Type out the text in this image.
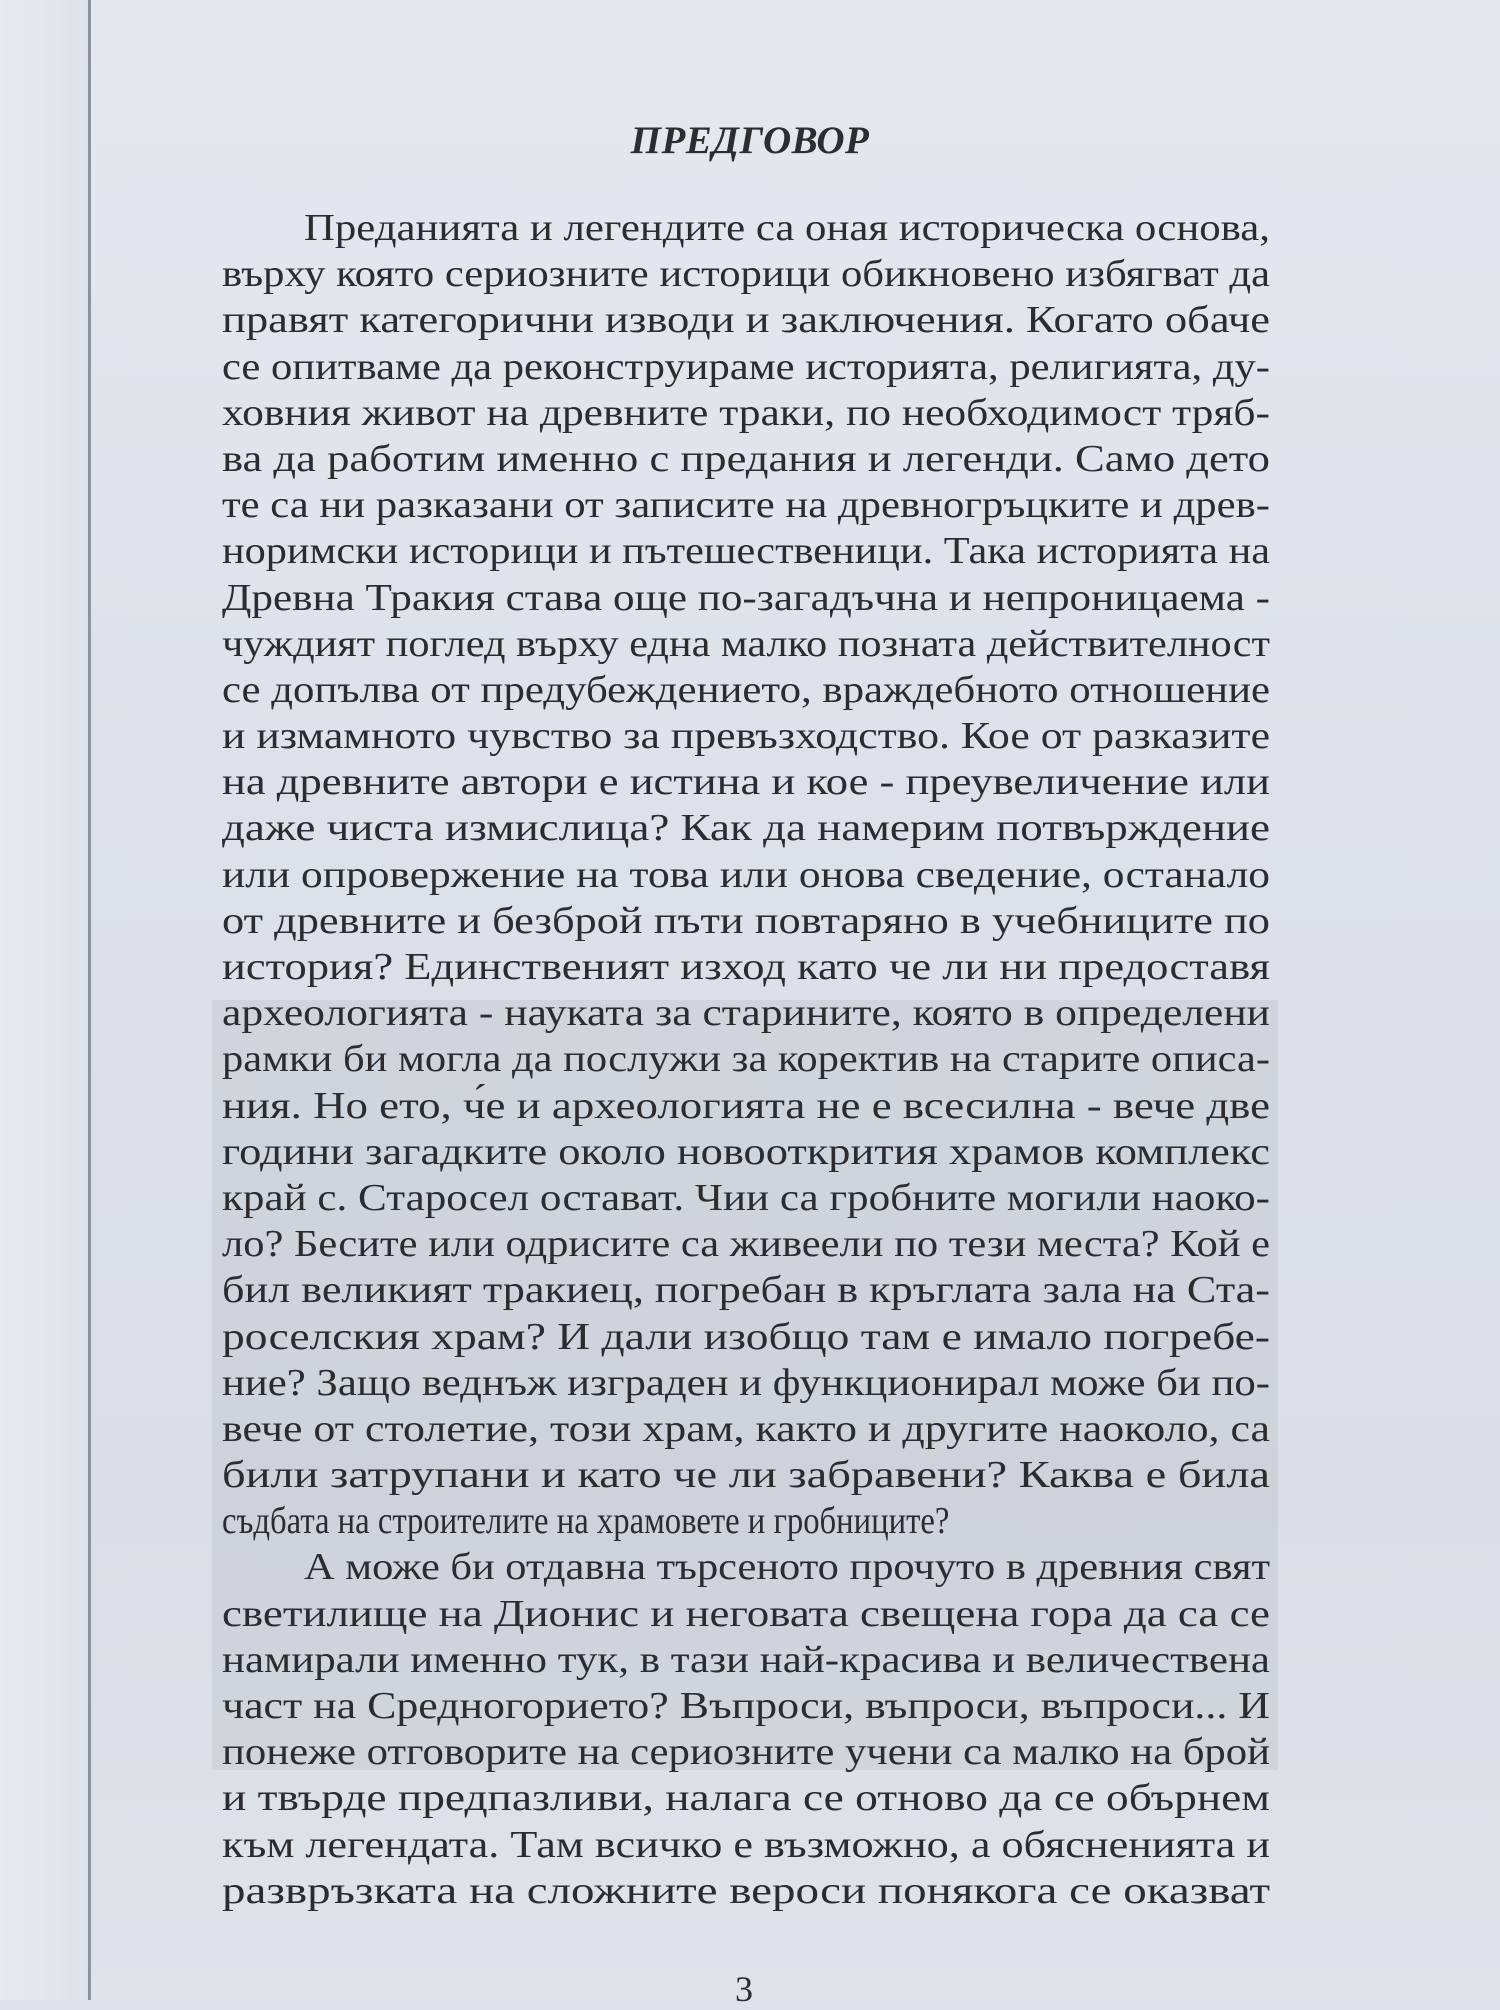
ПРЕДГОВОР
Преданията и легендите са оная историческа основа,
върху която сериозните историци обикновено избягват да
правят категорични изводи и заключения. Когато обаче
се опитваме да реконструираме историята, религията, ду-
ховния живот на древните траки, по необходимост тряб-
ва да работим именно с предания и легенди. Само дето
те са ни разказани от записите на древногръцките и древ-
норимски историци и пътешественици. Така историята на
Древна Тракия става още по-загадъчна и непроницаема -
чуждият поглед върху една малко позната действителност
се допълва от предубеждението, враждебното отношение
и измамното чувство за превъзходство. Кое от разказите
на древните автори е истина и кое - преувеличение или
даже чиста измислица? Как да намерим потвърждение
или опровержение на това или онова сведение, останало
от древните и безброй пъти повтаряно в учебниците по
история? Единственият изход като че ли ни предоставя
археологията - науката за старините, която в определени
рамки би могла да послужи за коректив на старите описа-
ния. Но ето, ч́е и археологията не е всесилна - вече две
години загадките около новооткрития храмов комплекс
край с. Старосел остават. Чии са гробните могили наоко-
ло? Бесите или одрисите са живеели по тези места? Кой е
бил великият тракиец, погребан в кръглата зала на Ста-
роселския храм? И дали изобщо там е имало погребе-
ние? Защо веднъж изграден и функционирал може би по-
вече от столетие, този храм, както и другите наоколо, са
били затрупани и като че ли забравени? Каква е била
съдбата на строителите на храмовете и гробниците?
А може би отдавна търсеното прочуто в древния свят
светилище на Дионис и неговата свещена гора да са се
намирали именно тук, в тази най-красива и величествена
част на Средногорието? Въпроси, въпроси, въпроси... И
понеже отговорите на сериозните учени са малко на брой
и твърде предпазливи, налага се отново да се обърнем
към легендата. Там всичко е възможно, а обясненията и
развръзката на сложните вероси понякога се оказват
3
